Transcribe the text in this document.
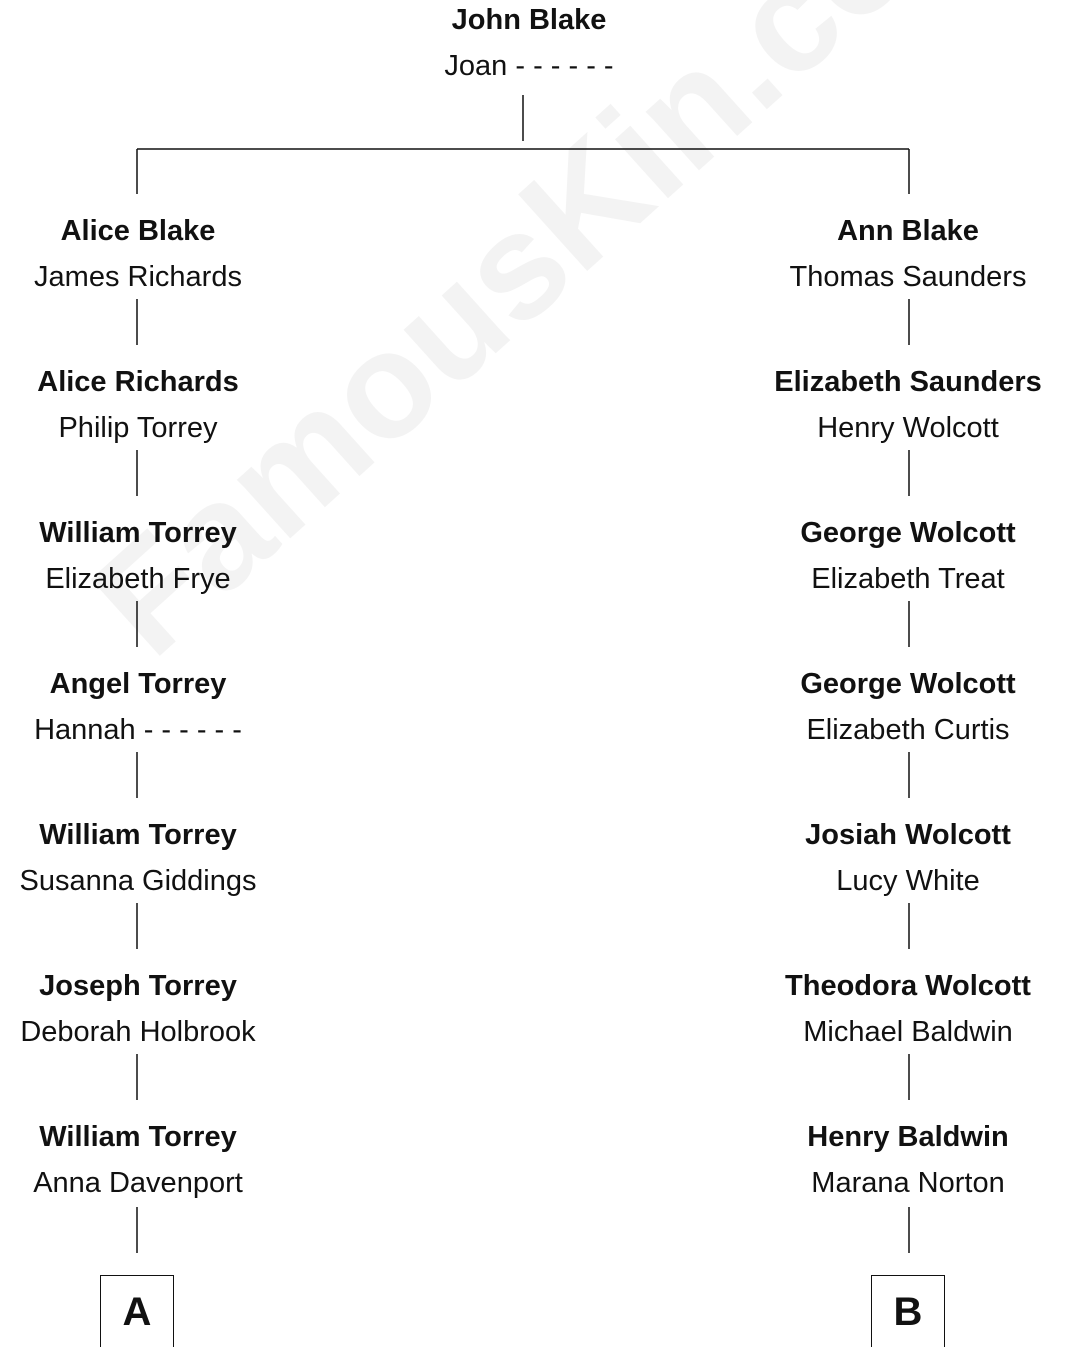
John Blake
Joan - - - - - -
Alice Blake
James Richards
Alice Richards
Philip Torrey
William Torrey
Elizabeth Frye
Angel Torrey
Hannah - - - - - -
William Torrey
Susanna Giddings
Joseph Torrey
Deborah Holbrook
William Torrey
Anna Davenport
Ann Blake
Thomas Saunders
Elizabeth Saunders
Henry Wolcott
George Wolcott
Elizabeth Treat
George Wolcott
Elizabeth Curtis
Josiah Wolcott
Lucy White
Theodora Wolcott
Michael Baldwin
Henry Baldwin
Marana Norton
A	B
